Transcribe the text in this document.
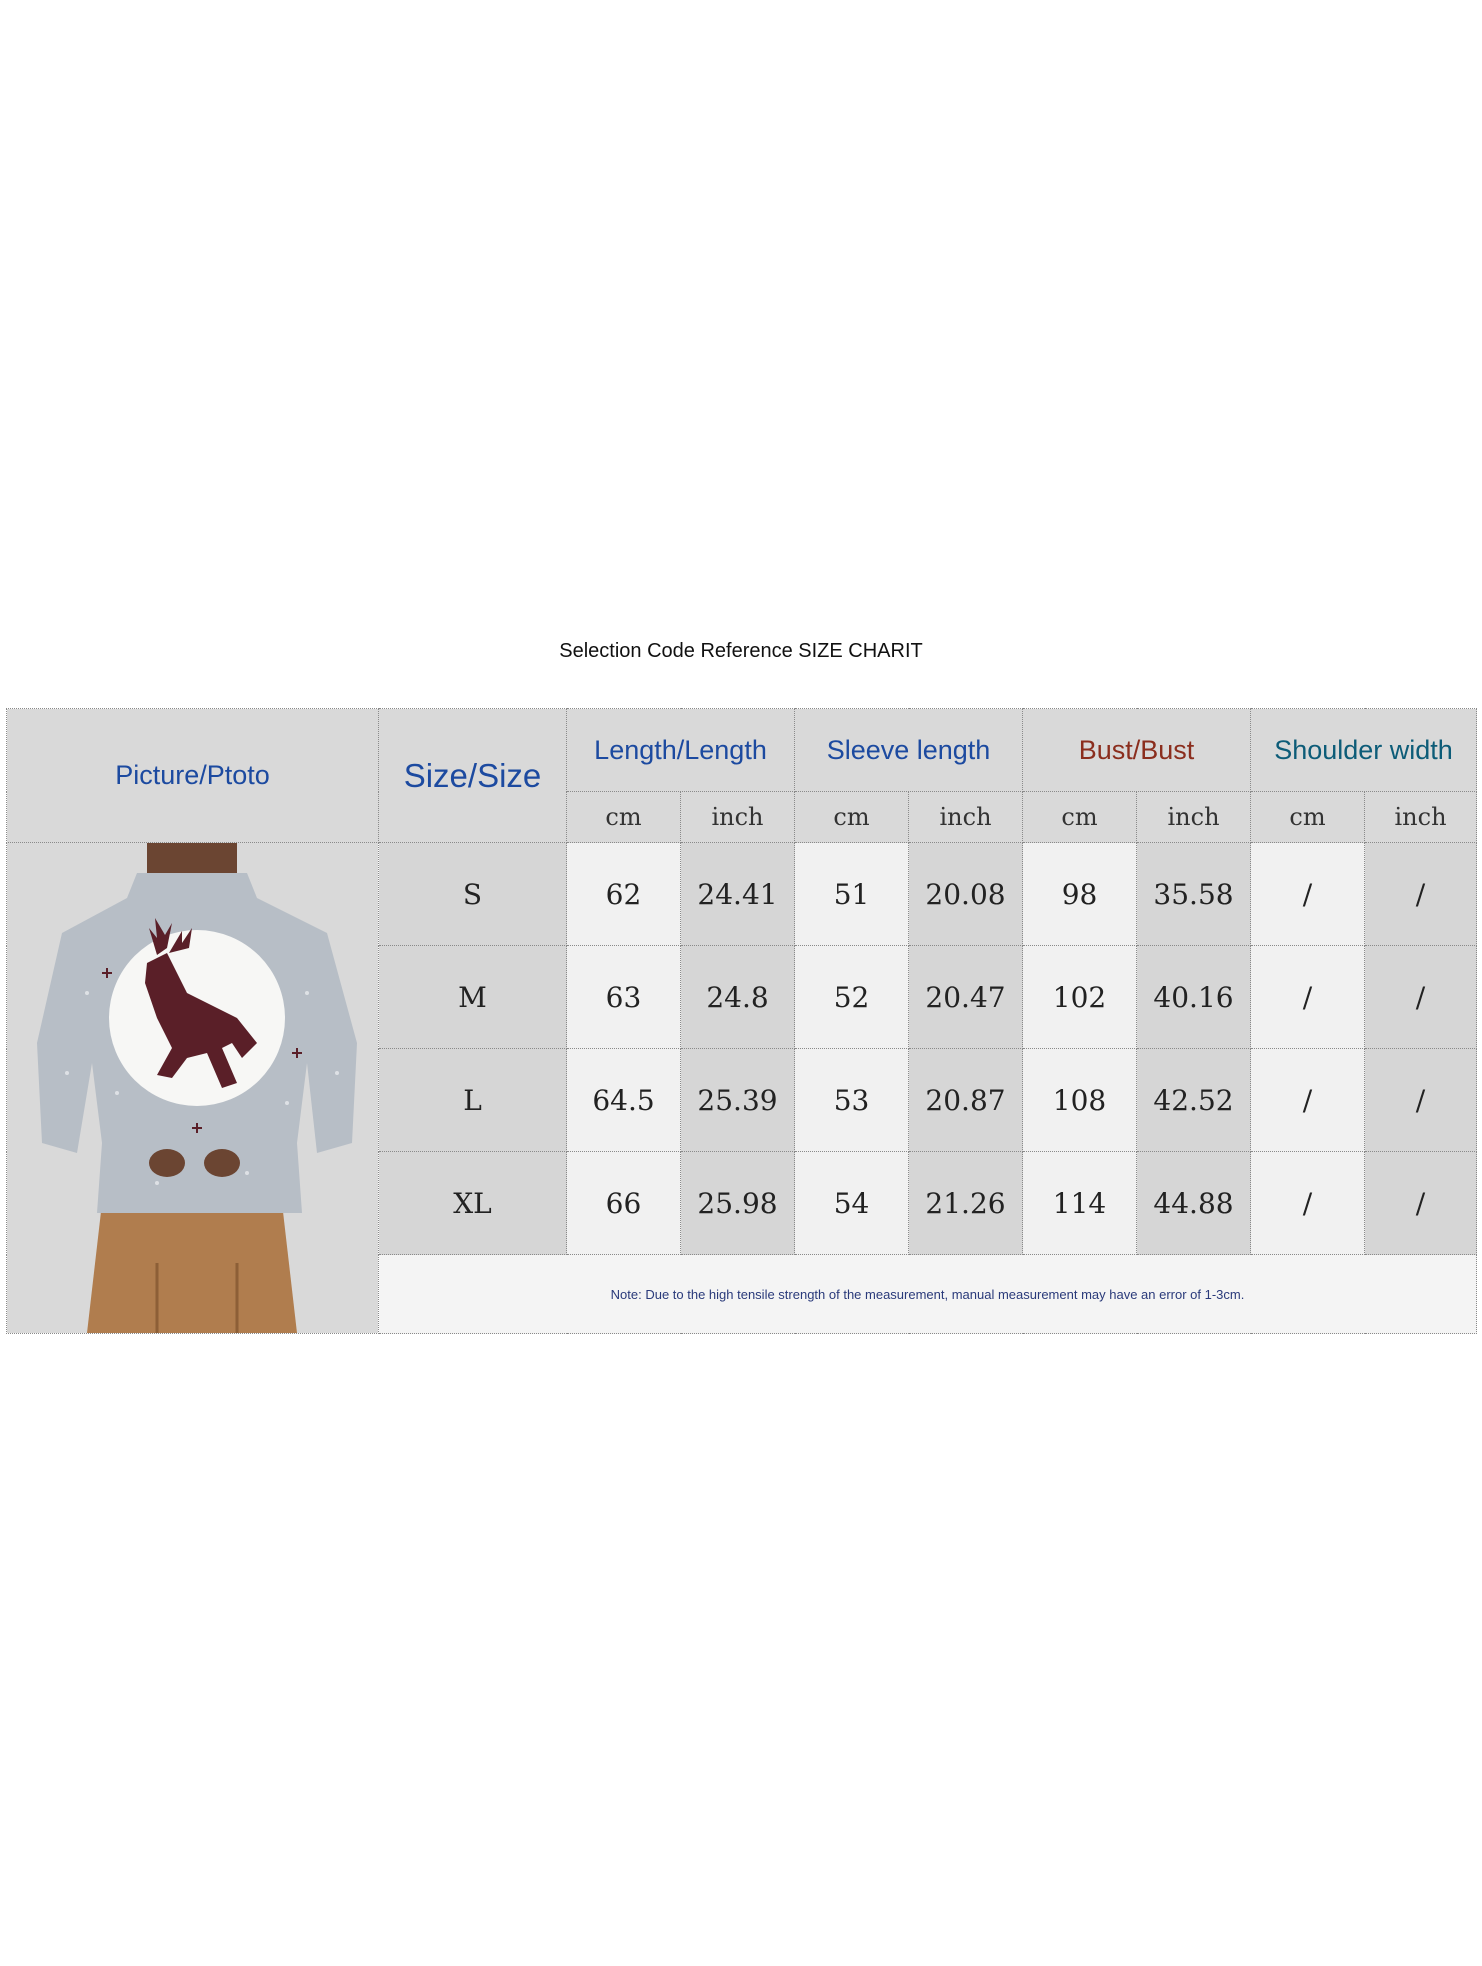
Selection Code Reference SIZE CHARIT
Picture/Ptoto	Size/Size	Length/Length		Sleeve length		Bust/Bust		Shoulder width	
		cm	inch	cm	inch	cm	inch	cm	inch

	S	62	24.41	51	20.08	98	35.58	/	/
	M	63	24.8	52	20.47	102	40.16	/	/
	L	64.5	25.39	53	20.87	108	42.52	/	/
	XL	66	25.98	54	21.26	114	44.88	/	/
	Note: Due to the high tensile strength of the measurement, manual measurement may have an error of 1-3cm.								
